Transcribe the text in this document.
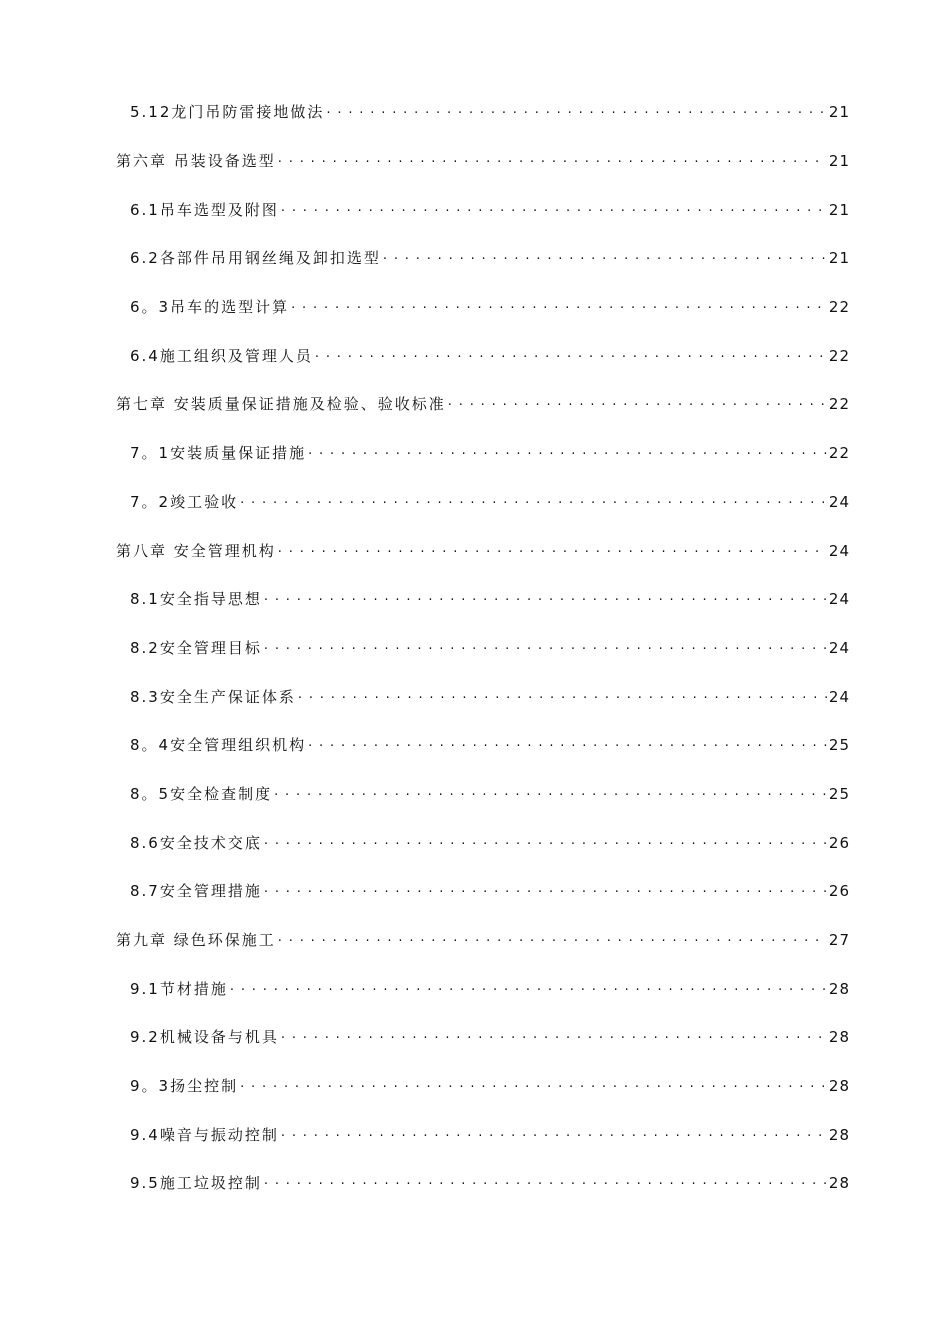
5.12龙门吊防雷接地做法 . . .	21
第六章 吊装设备选型 . . .	21
6.1吊车选型及附图 . . .	21
6.2各部件吊用钢丝绳及卸扣选型 . . .	21
6。3吊车的选型计算 . . .	22
6.4施工组织及管理人员 . . .	22
第七章 安装质量保证措施及检验、验收标准 . . .	22
7。1安装质量保证措施 . . .	22
7。2竣工验收 . . .	24
第八章 安全管理机构 . . .	24
8.1安全指导思想 . . .	24
8.2安全管理目标 . . .	24
8.3安全生产保证体系 . . .	24
8。4安全管理组织机构 . . .	25
8。5安全检查制度 . . .	25
8.6安全技术交底 . . .	26
8.7安全管理措施 . . .	26
第九章 绿色环保施工 . . .	27
9.1节材措施 . . .	28
9.2机械设备与机具 . . .	28
9。3扬尘控制 . . .	28
9.4噪音与振动控制 . . .	28
9.5施工垃圾控制 . . .	28
